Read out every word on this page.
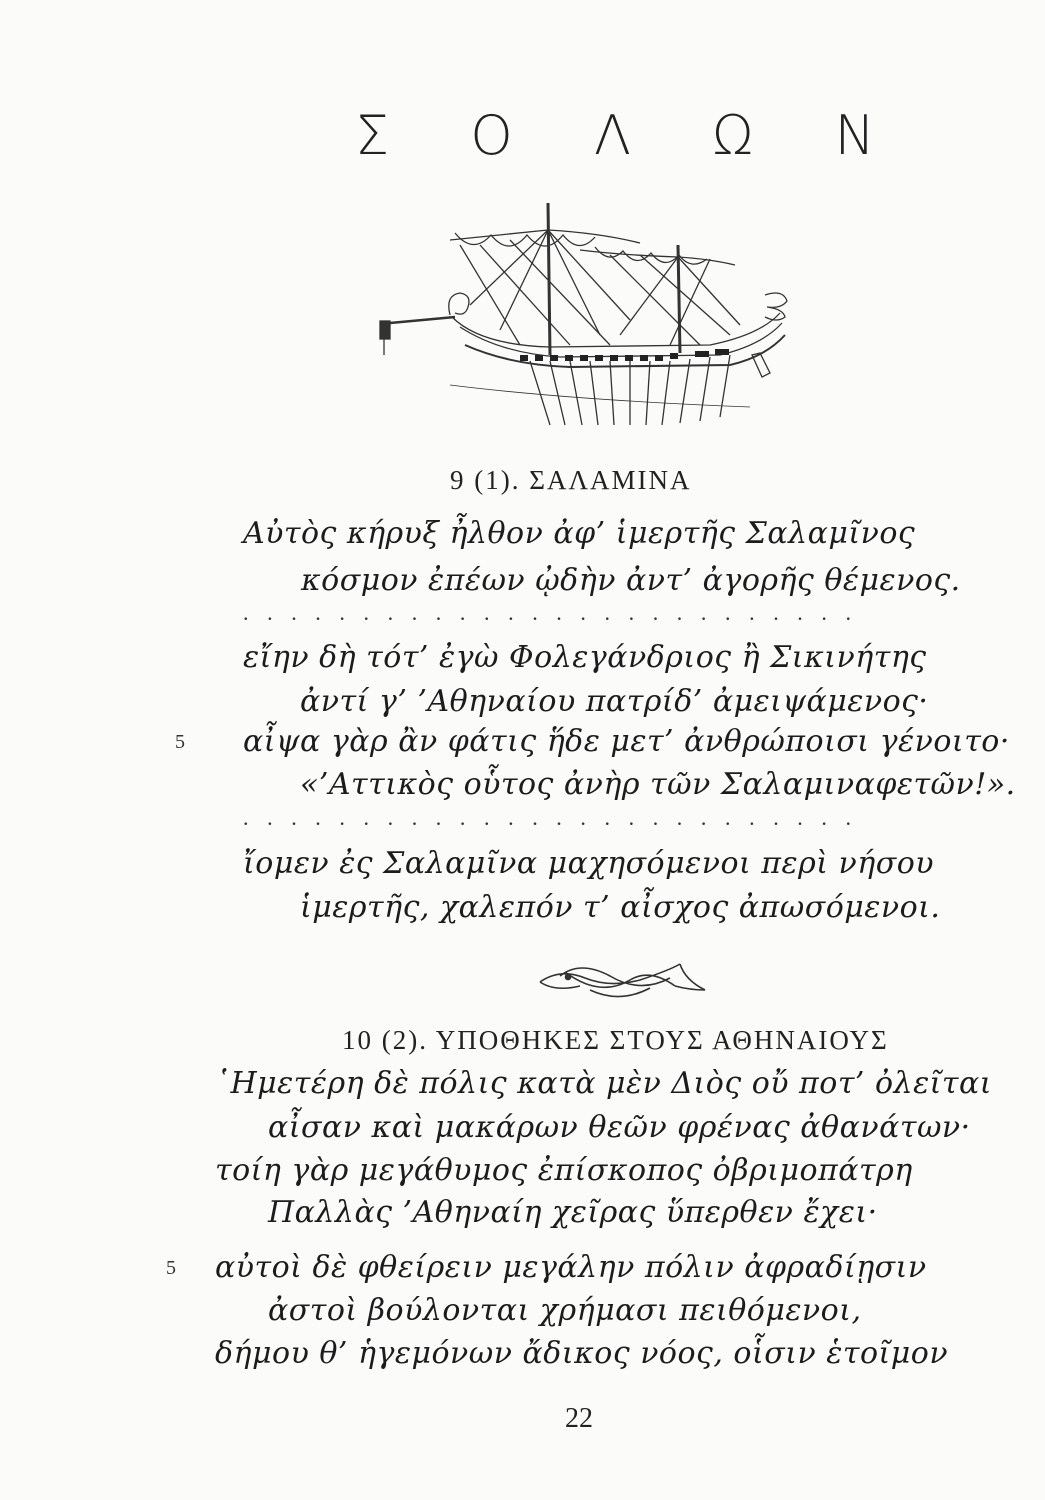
Σ Ο Λ Ω Ν
9 (1). ΣΑΛΑΜΙΝΑ
Αὐτὸς κήρυξ ἦλθον ἀφ’ ἱμερτῆς Σαλαμῖνος
κόσμον ἐπέων ᾠδὴν ἀντ’ ἀγορῆς θέμενος.
..........................
εἴην δὴ τότ’ ἐγὼ Φολεγάνδριος ἢ Σικινήτης
ἀντί γ’ ’Αθηναίου πατρίδ’ ἀμειψάμενος·
5 αἶψα γὰρ ἂν φάτις ἥδε μετ’ ἀνθρώποισι γένοιτο·
«’Αττικὸς οὗτος ἀνὴρ τῶν Σαλαμιναφετῶν!».
..........................
ἴομεν ἐς Σαλαμῖνα μαχησόμενοι περὶ νήσου
ἱμερτῆς, χαλεπόν τ’ αἶσχος ἀπωσόμενοι.
10 (2). ΥΠΟΘΗΚΕΣ ΣΤΟΥΣ ΑΘΗΝΑΙΟΥΣ
῾Ημετέρη δὲ πόλις κατὰ μὲν Διὸς οὔ ποτ’ ὀλεῖται
αἶσαν καὶ μακάρων θεῶν φρένας ἀθανάτων·
τοίη γὰρ μεγάθυμος ἐπίσκοπος ὀβριμοπάτρη
Παλλὰς ’Αθηναίη χεῖρας ὕπερθεν ἔχει·
5 αὐτοὶ δὲ φθείρειν μεγάλην πόλιν ἀφραδίῃσιν
ἀστοὶ βούλονται χρήμασι πειθόμενοι,
δήμου θ’ ἡγεμόνων ἄδικος νόος, οἷσιν ἑτοῖμον
22
